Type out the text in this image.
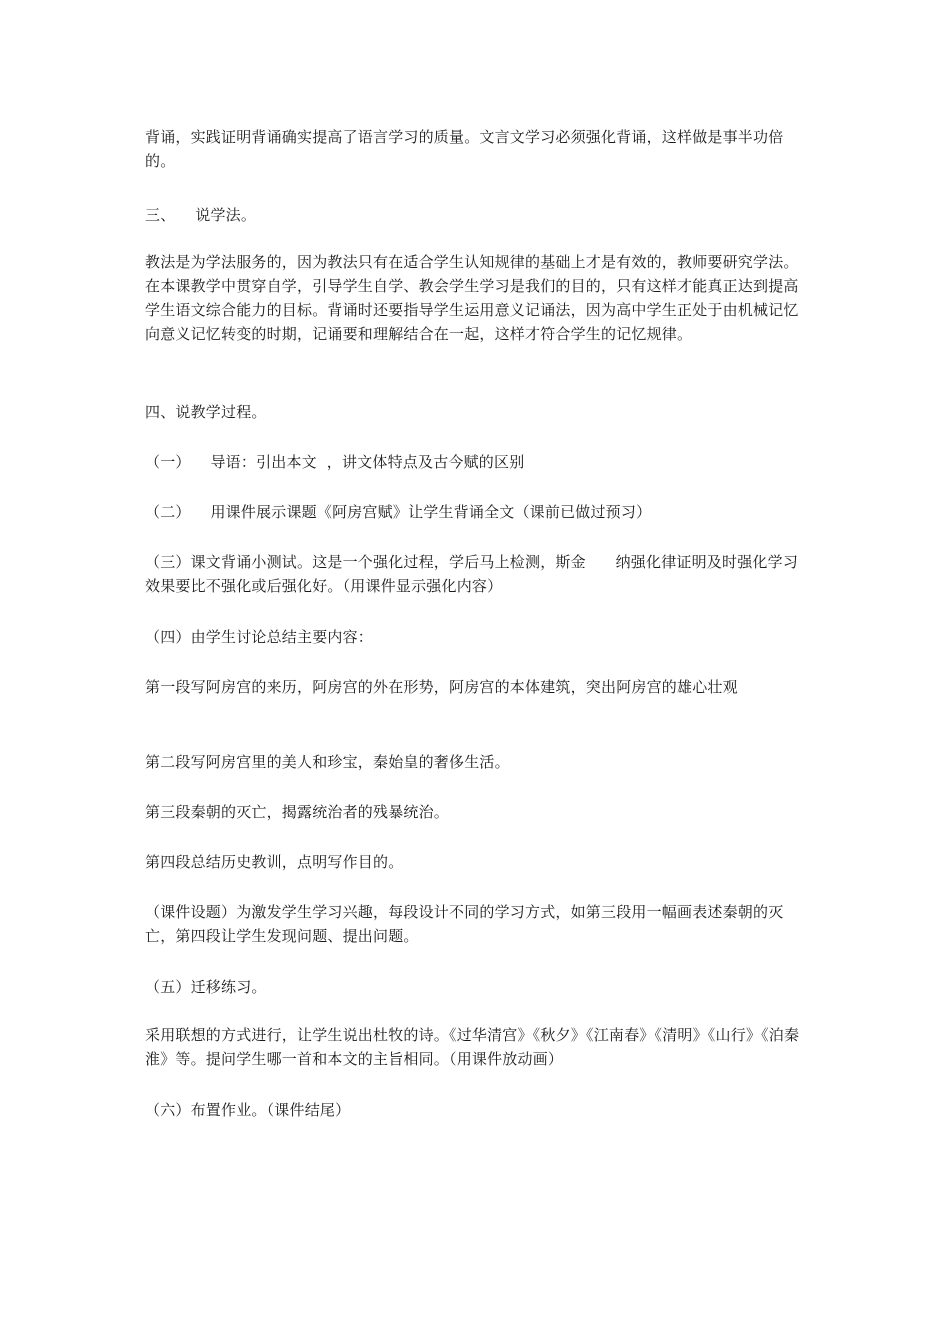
背诵，实践证明背诵确实提高了语言学习的质量。文言文学习必须强化背诵，这样做是事半功倍的。
三、    说学法。
教法是为学法服务的，因为教法只有在适合学生认知规律的基础上才是有效的，教师要研究学法。在本课教学中贯穿自学，引导学生自学、教会学生学习是我们的目的，只有这样才能真正达到提高学生语文综合能力的目标。背诵时还要指导学生运用意义记诵法，因为高中学生正处于由机械记忆向意义记忆转变的时期，记诵要和理解结合在一起，这样才符合学生的记忆规律。
四、说教学过程。
（一）    导语：引出本文  ，讲文体特点及古今赋的区别
（二）    用课件展示课题《阿房宫赋》让学生背诵全文（课前已做过预习）
（三）课文背诵小测试。这是一个强化过程，学后马上检测，斯金      纳强化律证明及时强化学习效果要比不强化或后强化好。（用课件显示强化内容）
（四）由学生讨论总结主要内容：
第一段写阿房宫的来历，阿房宫的外在形势，阿房宫的本体建筑，突出阿房宫的雄心壮观
第二段写阿房宫里的美人和珍宝，秦始皇的奢侈生活。
第三段秦朝的灭亡，揭露统治者的残暴统治。
第四段总结历史教训，点明写作目的。
（课件设题）为激发学生学习兴趣，每段设计不同的学习方式，如第三段用一幅画表述秦朝的灭亡，第四段让学生发现问题、提出问题。
（五）迁移练习。
采用联想的方式进行，让学生说出杜牧的诗。《过华清宫》《秋夕》《江南春》《清明》《山行》《泊秦淮》等。提问学生哪一首和本文的主旨相同。（用课件放动画）
（六）布置作业。（课件结尾）
